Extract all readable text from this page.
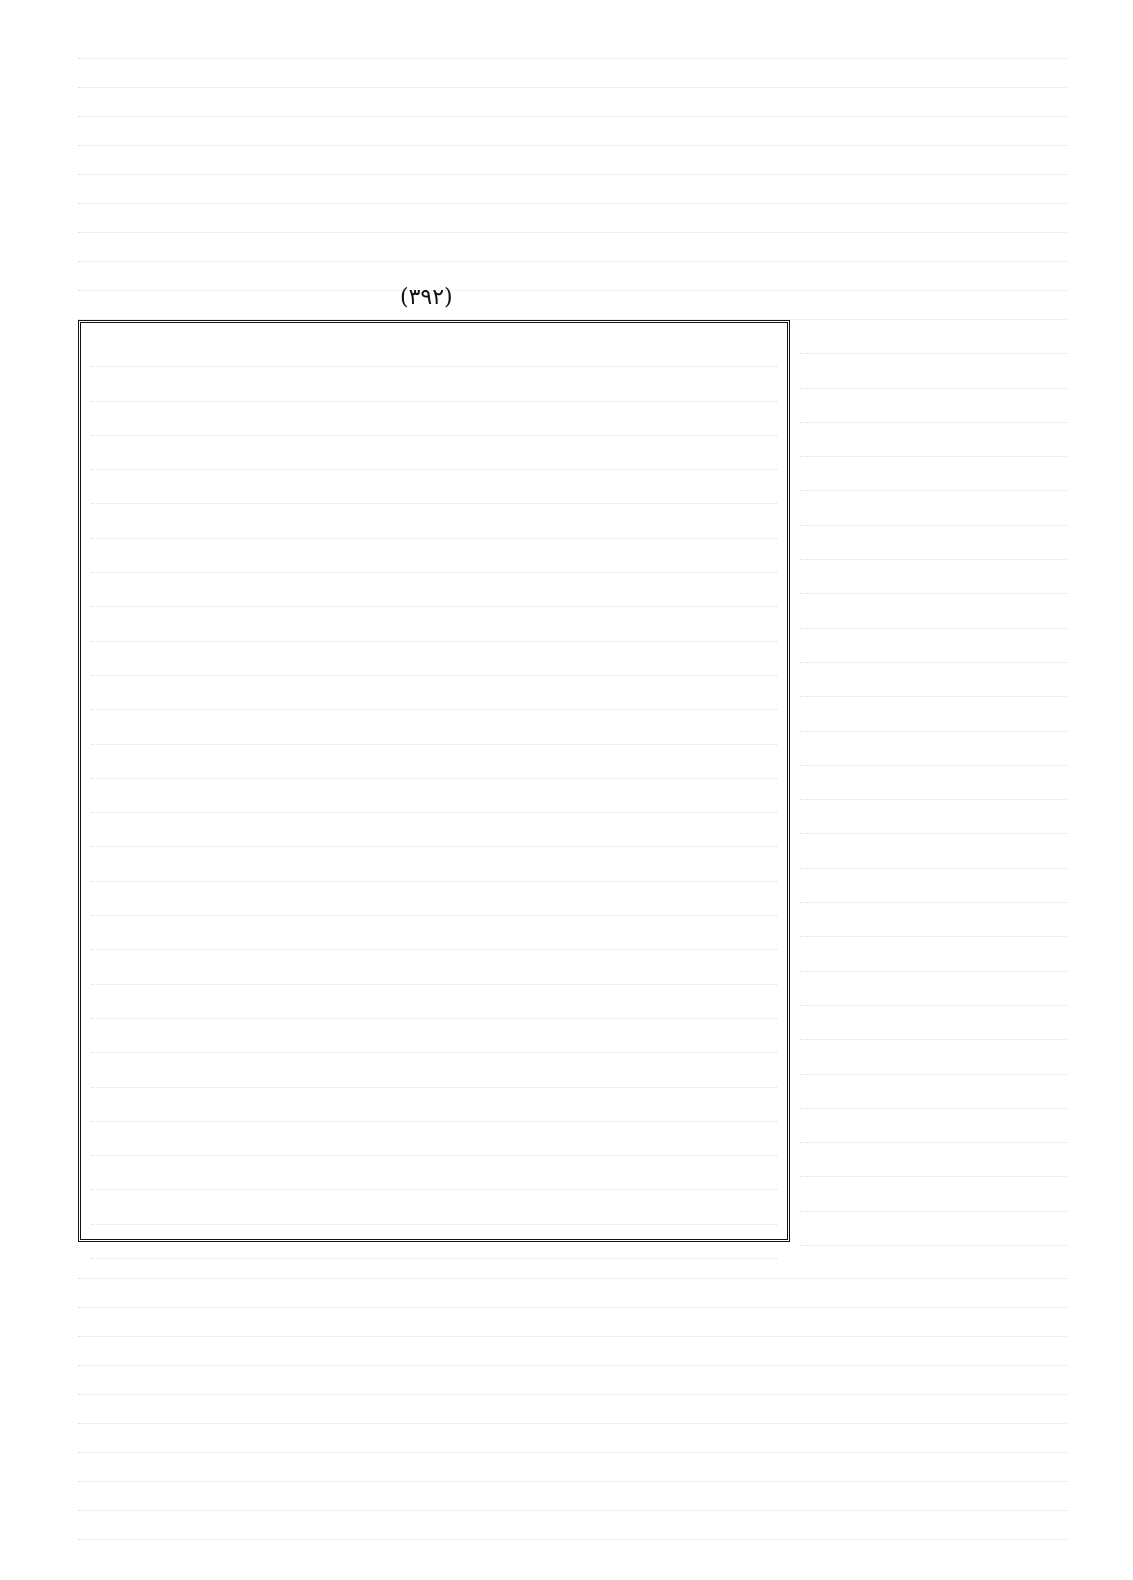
(٣٩٢)
